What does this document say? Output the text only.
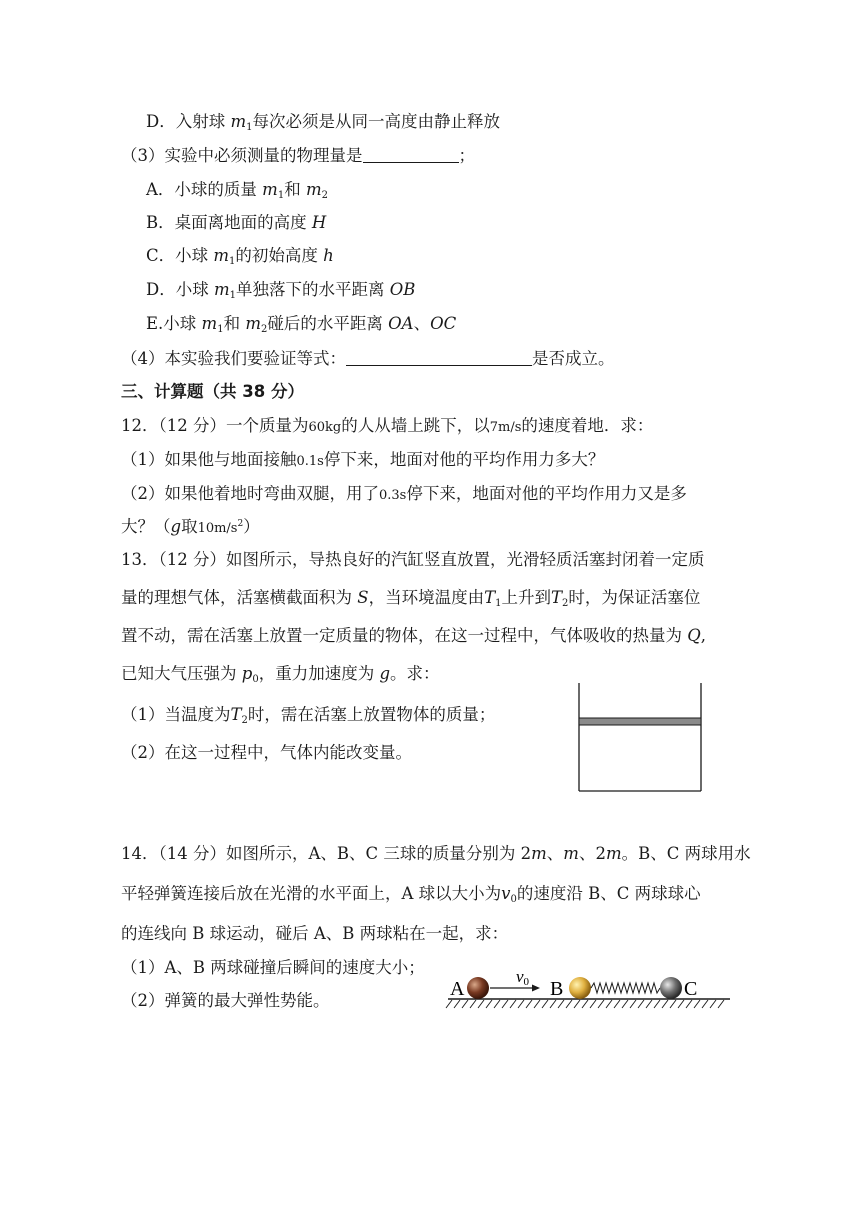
D．入射球 $m_1$每次必须是从同一高度由静止释放
（3）实验中必须测量的物理量是	；
A．小球的质量 $m_1$和 $m_2$
B．桌面离地面的高度 H
C．小球 $m_1$的初始高度 h
D．小球 $m_1$单独落下的水平距离 OB
E.小球 $m_1$和 $m_2$碰后的水平距离 OA、OC
（4）本实验我们要验证等式：	是否成立。
三、计算题（共 38 分）
12．（12 分）一个质量为60kg的人从墙上跳下，以7m/s的速度着地．求：
（1）如果他与地面接触0.1s停下来，地面对他的平均作用力多大？
（2）如果他着地时弯曲双腿，用了0.3s停下来，地面对他的平均作用力又是多
大？（g取$10m/s^2$）
13．（12 分）如图所示，导热良好的汽缸竖直放置，光滑轻质活塞封闭着一定质
量的理想气体，活塞横截面积为 S，当环境温度由$T_1$上升到$T_2$时，为保证活塞位
置不动，需在活塞上放置一定质量的物体，在这一过程中，气体吸收的热量为 Q,
已知大气压强为 $p_0$，重力加速度为 g。求：
（1）当温度为$T_2$时，需在活塞上放置物体的质量；
（2）在这一过程中，气体内能改变量。
14．（14 分）如图所示，A、B、C 三球的质量分别为 2m、m、2m。B、C 两球用水
平轻弹簧连接后放在光滑的水平面上，A 球以大小为$v_0$的速度沿 B、C 两球球心
的连线向 B 球运动，碰后 A、B 两球粘在一起，求：
（1）A、B 两球碰撞后瞬间的速度大小；
（2）弹簧的最大弹性势能。
A
v0 B	C
